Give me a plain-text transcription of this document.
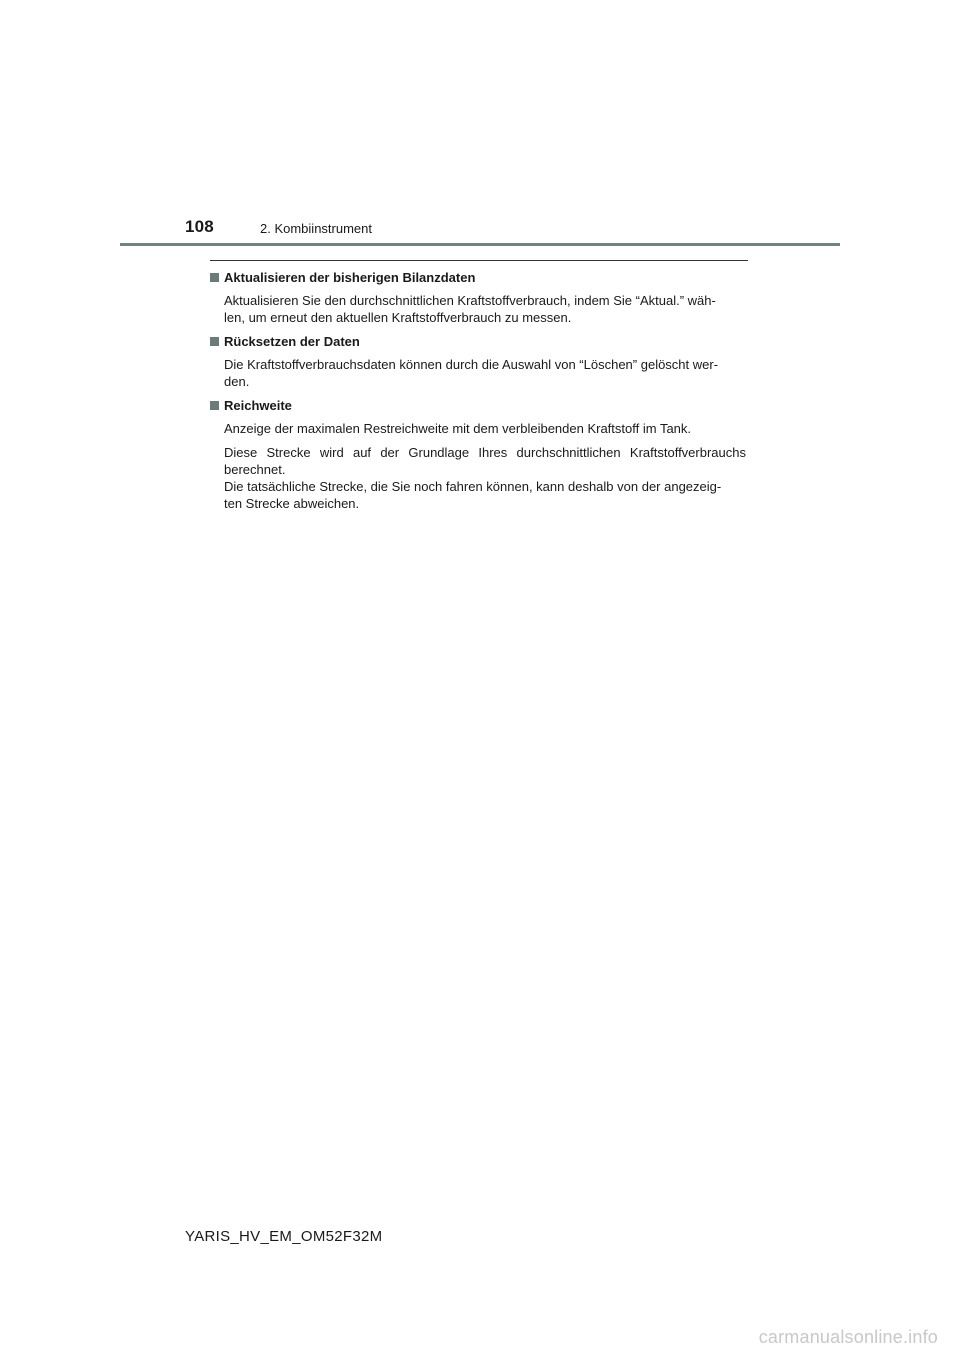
108	2. Kombiinstrument
Aktualisieren der bisherigen Bilanzdaten

Aktualisieren Sie den durchschnittlichen Kraftstoffverbrauch, indem Sie “Aktual.” wäh-
len, um erneut den aktuellen Kraftstoffverbrauch zu messen.

Rücksetzen der Daten

Die Kraftstoffverbrauchsdaten können durch die Auswahl von “Löschen” gelöscht wer-
den.

Reichweite

Anzeige der maximalen Restreichweite mit dem verbleibenden Kraftstoff im Tank.

Diese Strecke wird auf der Grundlage Ihres durchschnittlichen Kraftstoffverbrauchs berechnet.

Die tatsächliche Strecke, die Sie noch fahren können, kann deshalb von der angezeig-
ten Strecke abweichen.

YARIS_HV_EM_OM52F32M
carmanualsonline.info
